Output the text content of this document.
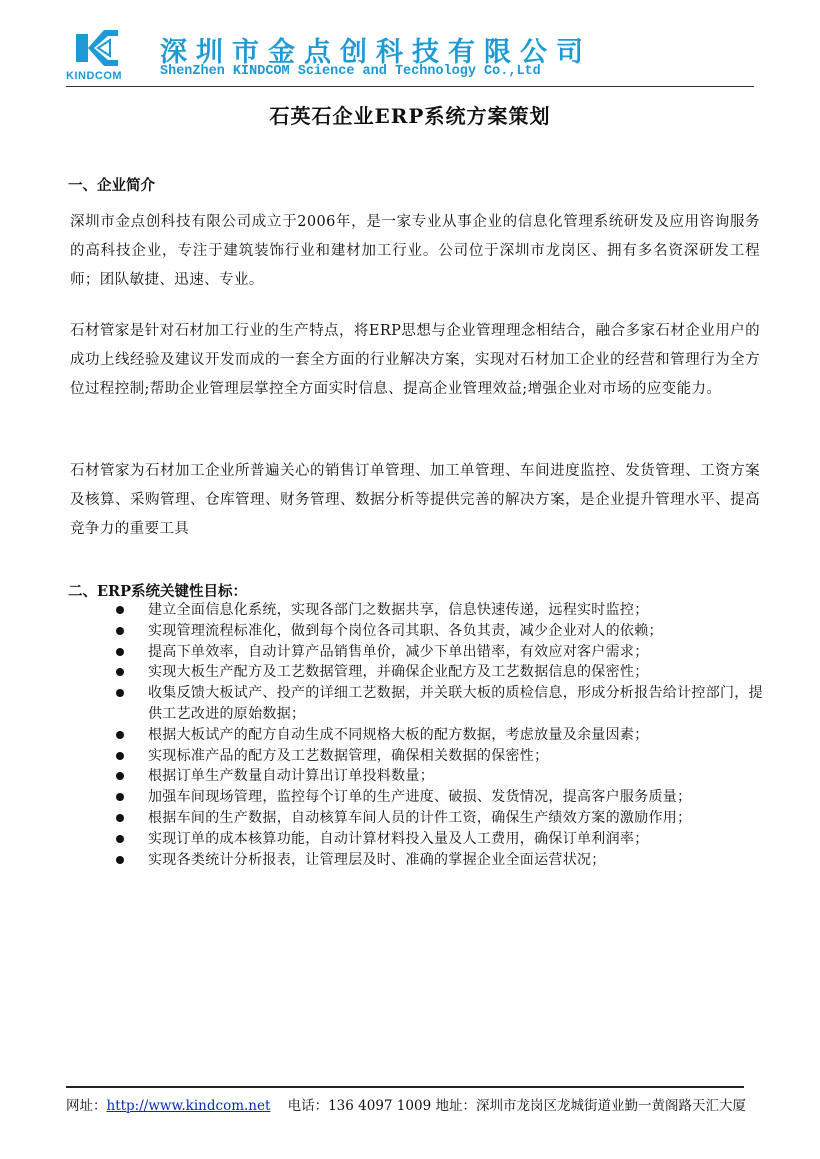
KINDCOM
深圳市金点创科技有限公司
ShenZhen KINDCOM Science and Technology Co.,Ltd
石英石企业ERP系统方案策划
一、企业简介

深圳市金点创科技有限公司成立于2006年，是一家专业从事企业的信息化管理系统研发及应用咨询服务的高科技企业，专注于建筑装饰行业和建材加工行业。公司位于深圳市龙岗区、拥有多名资深研发工程师；团队敏捷、迅速、专业。

石材管家是针对石材加工行业的生产特点，将ERP思想与企业管理理念相结合，融合多家石材企业用户的成功上线经验及建议开发而成的一套全方面的行业解决方案，实现对石材加工企业的经营和管理行为全方位过程控制;帮助企业管理层掌控全方面实时信息、提高企业管理效益;增强企业对市场的应变能力。

石材管家为石材加工企业所普遍关心的销售订单管理、加工单管理、车间进度监控、发货管理、工资方案及核算、采购管理、仓库管理、财务管理、数据分析等提供完善的解决方案，是企业提升管理水平、提高竞争力的重要工具

二、ERP系统关键性目标：
建立全面信息化系统，实现各部门之数据共享，信息快速传递，远程实时监控；
实现管理流程标准化，做到每个岗位各司其职、各负其责，减少企业对人的依赖；
提高下单效率，自动计算产品销售单价，减少下单出错率，有效应对客户需求；
实现大板生产配方及工艺数据管理，并确保企业配方及工艺数据信息的保密性；
收集反馈大板试产、投产的详细工艺数据，并关联大板的质检信息，形成分析报告给计控部门，提供工艺改进的原始数据；
根据大板试产的配方自动生成不同规格大板的配方数据，考虑放量及余量因素；
实现标准产品的配方及工艺数据管理，确保相关数据的保密性；
根据订单生产数量自动计算出订单投料数量；
加强车间现场管理，监控每个订单的生产进度、破损、发货情况，提高客户服务质量；
根据车间的生产数据，自动核算车间人员的计件工资，确保生产绩效方案的激励作用；
实现订单的成本核算功能，自动计算材料投入量及人工费用，确保订单利润率；
实现各类统计分析报表，让管理层及时、准确的掌握企业全面运营状况；
网址：http://www.kindcom.net 电话：136 4097 1009 地址：深圳市龙岗区龙城街道业勤一黄阁路天汇大厦
